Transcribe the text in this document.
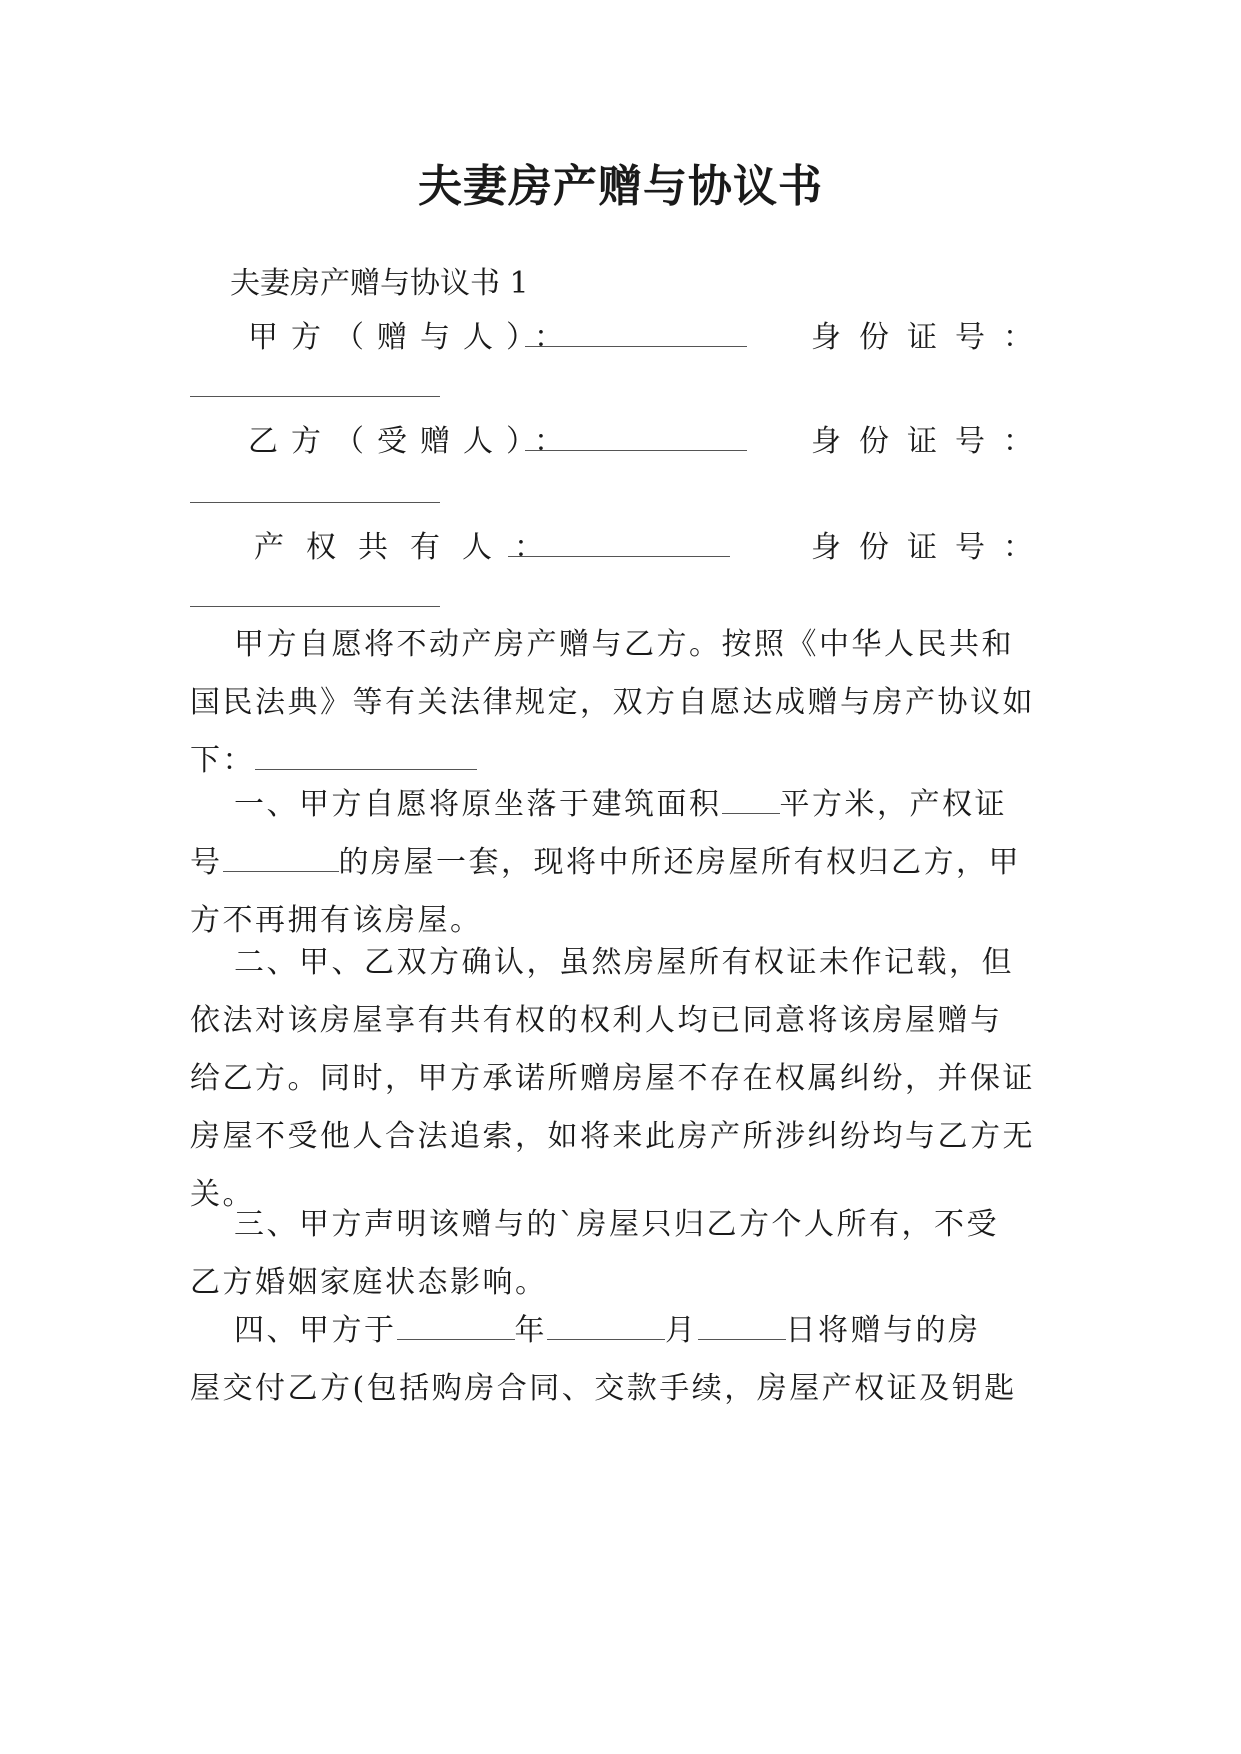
夫妻房产赠与协议书
夫妻房产赠与协议书 1
甲方（赠与人）：	身份证号：
乙方（受赠人）：	身份证号：
产权共有人：	身份证号：
甲方自愿将不动产房产赠与乙方。按照《中华人民共和
国民法典》等有关法律规定，双方自愿达成赠与房产协议如
下：
一、甲方自愿将原坐落于建筑面积 平方米，产权证
号	的房屋一套，现将中所还房屋所有权归乙方，甲
方不再拥有该房屋。
二、甲、乙双方确认，虽然房屋所有权证未作记载，但
依法对该房屋享有共有权的权利人均已同意将该房屋赠与
给乙方。同时，甲方承诺所赠房屋不存在权属纠纷，并保证
房屋不受他人合法追索，如将来此房产所涉纠纷均与乙方无
关。
三、甲方声明该赠与的`房屋只归乙方个人所有，不受
乙方婚姻家庭状态影响。
四、甲方于	年	月	日将赠与的房
屋交付乙方(包括购房合同、交款手续，房屋产权证及钥匙
